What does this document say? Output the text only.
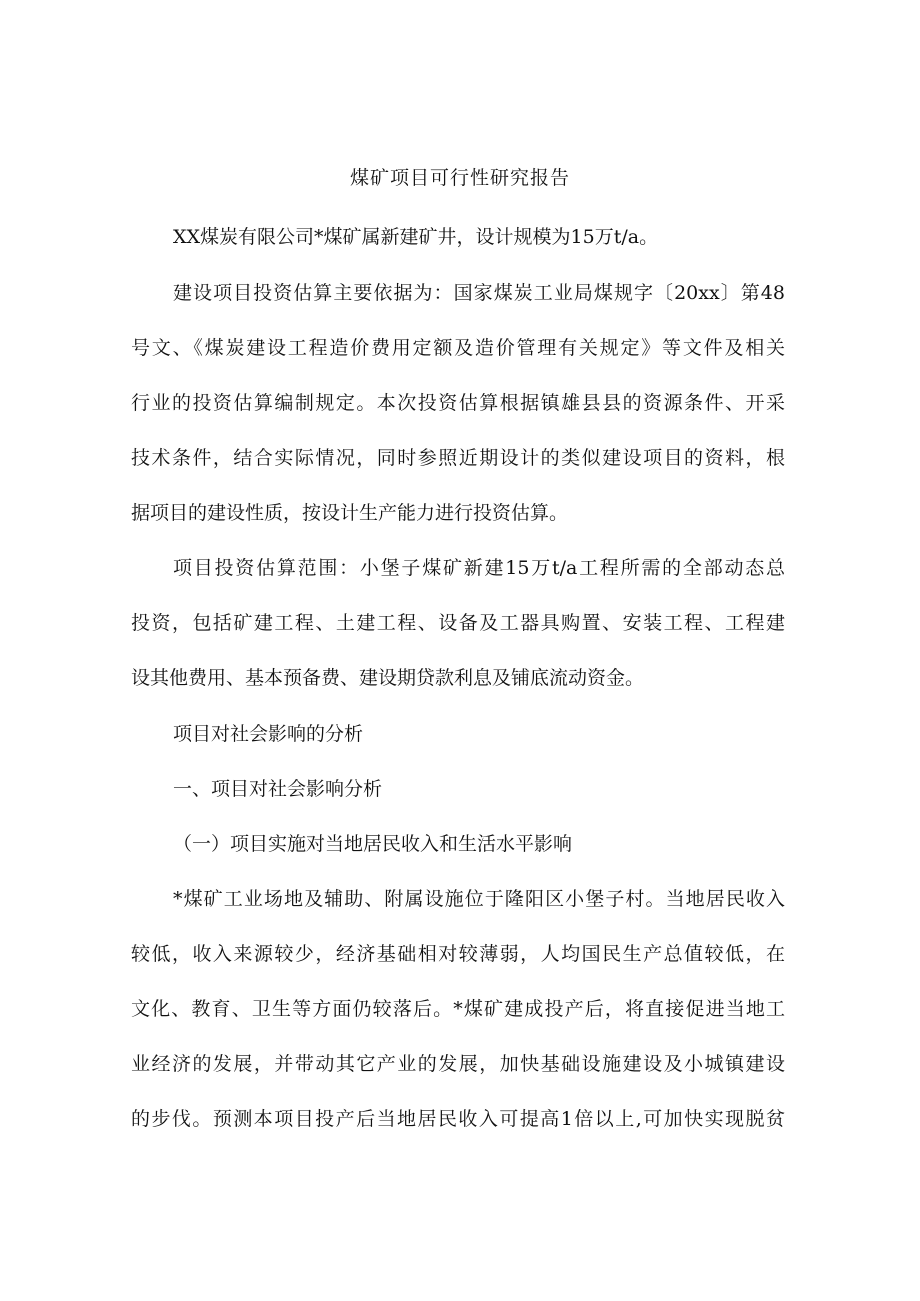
煤矿项目可行性研究报告
XX煤炭有限公司*煤矿属新建矿井，设计规模为15万t/a。
建设项目投资估算主要依据为：国家煤炭工业局煤规字〔20xx〕第48
号文、《煤炭建设工程造价费用定额及造价管理有关规定》等文件及相关
行业的投资估算编制规定。本次投资估算根据镇雄县县的资源条件、开采
技术条件，结合实际情况，同时参照近期设计的类似建设项目的资料，根
据项目的建设性质，按设计生产能力进行投资估算。
项目投资估算范围：小堡子煤矿新建15万t/a工程所需的全部动态总
投资，包括矿建工程、土建工程、设备及工器具购置、安装工程、工程建
设其他费用、基本预备费、建设期贷款利息及铺底流动资金。
项目对社会影响的分析
一、项目对社会影响分析
（一）项目实施对当地居民收入和生活水平影响
*煤矿工业场地及辅助、附属设施位于隆阳区小堡子村。当地居民收入
较低，收入来源较少，经济基础相对较薄弱，人均国民生产总值较低，在
文化、教育、卫生等方面仍较落后。*煤矿建成投产后，将直接促进当地工
业经济的发展，并带动其它产业的发展，加快基础设施建设及小城镇建设
的步伐。预测本项目投产后当地居民收入可提高1倍以上,可加快实现脱贫
